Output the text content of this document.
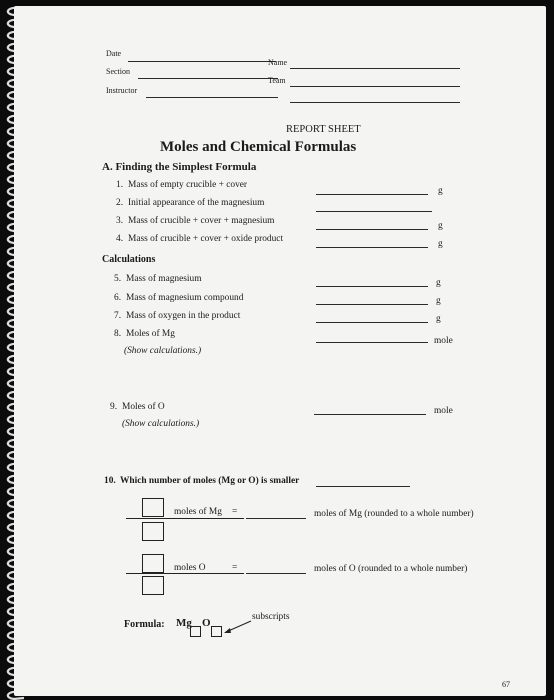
Date
Section
Instructor
Name
Team
REPORT SHEET
Moles and Chemical Formulas
A. Finding the Simplest Formula
1. Mass of empty crucible + cover
g
2. Initial appearance of the magnesium
3. Mass of crucible + cover + magnesium	g
4. Mass of crucible + cover + oxide product	g
Calculations
5. Mass of magnesium	g
6. Mass of magnesium compound	g
7. Mass of oxygen in the product	g
8. Moles of Mg
mole
(Show calculations.)
9. Moles of O	mole
(Show calculations.)
10. Which number of moles (Mg or O) is smaller
moles of Mg =	moles of Mg (rounded to a whole number)
moles O	=	moles of O (rounded to a whole number)
Formula: Mg O	subscripts
67
